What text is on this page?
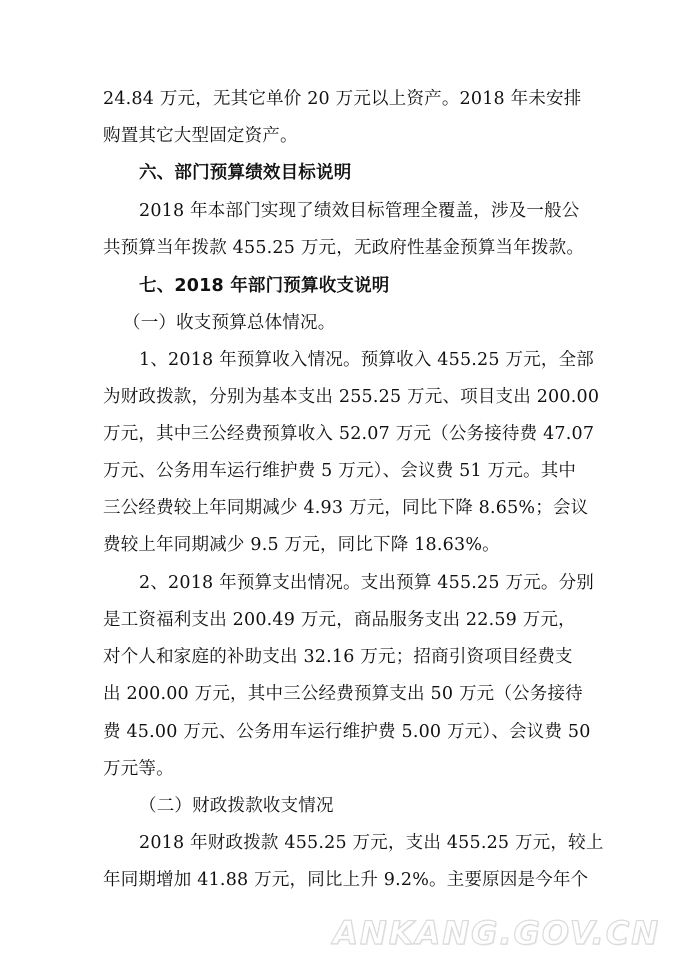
24.84 万元，无其它单价 20 万元以上资产。2018 年未安排
购置其它大型固定资产。
六、部门预算绩效目标说明
2018 年本部门实现了绩效目标管理全覆盖，涉及一般公
共预算当年拨款 455.25 万元，无政府性基金预算当年拨款。
七、2018 年部门预算收支说明
（一）收支预算总体情况。
1、2018 年预算收入情况。预算收入 455.25 万元，全部
为财政拨款，分别为基本支出 255.25 万元、项目支出 200.00
万元，其中三公经费预算收入 52.07 万元（公务接待费 47.07
万元、公务用车运行维护费 5 万元）、会议费 51 万元。其中
三公经费较上年同期减少 4.93 万元，同比下降 8.65%；会议
费较上年同期减少 9.5 万元，同比下降 18.63%。
2、2018 年预算支出情况。支出预算 455.25 万元。分别
是工资福利支出 200.49 万元，商品服务支出 22.59 万元，
对个人和家庭的补助支出 32.16 万元；招商引资项目经费支
出 200.00 万元，其中三公经费预算支出 50 万元（公务接待
费 45.00 万元、公务用车运行维护费 5.00 万元）、会议费 50
万元等。
（二）财政拨款收支情况
2018 年财政拨款 455.25 万元，支出 455.25 万元，较上
年同期增加 41.88 万元，同比上升 9.2%。主要原因是今年个
ANKANG.GOV.CN
